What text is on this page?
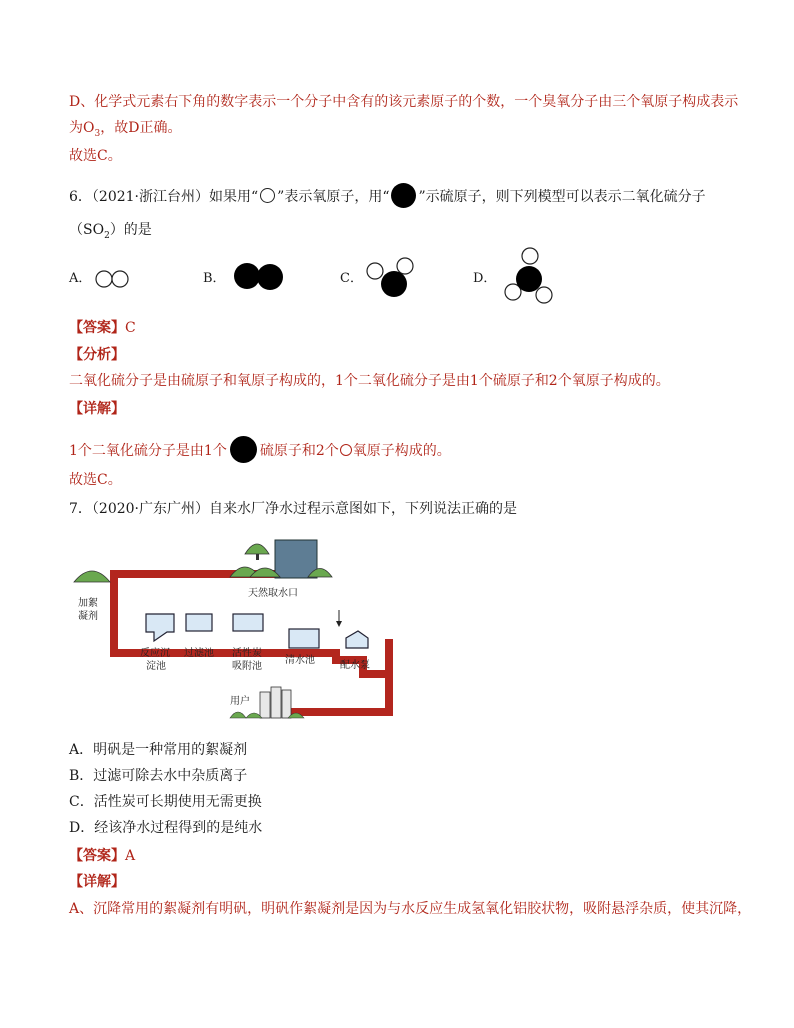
D、化学式元素右下角的数字表示一个分子中含有的该元素原子的个数，一个臭氧分子由三个氧原子构成表示
为$O_3$，故D正确。
故选C。
6．（2021·浙江台州）如果用“ ”表示氧原子，用“ ”示硫原子，则下列模型可以表示二氧化硫分子
$(SO_2)$的是
A．	B．	C．	D．
【答案】C
【分析】
二氧化硫分子是由硫原子和氧原子构成的，1个二氧化硫分子是由1个硫原子和2个氧原子构成的。
【详解】
1个二氧化硫分子是由1个 硫原子和2个 氧原子构成的。
故选C。
7．（2020·广东广州）自来水厂净水过程示意图如下，下列说法正确的是
天然取水口
加絮
凝剂
反应沉
淀池
过滤池 活性炭
吸附池
清水池	配水泵
用户
A．明矾是一种常用的絮凝剂
B．过滤可除去水中杂质离子
C．活性炭可长期使用无需更换
D．经该净水过程得到的是纯水
【答案】A
【详解】
A、沉降常用的絮凝剂有明矾，明矾作絮凝剂是因为与水反应生成氢氧化铝胶状物，吸附悬浮杂质，使其沉降，
